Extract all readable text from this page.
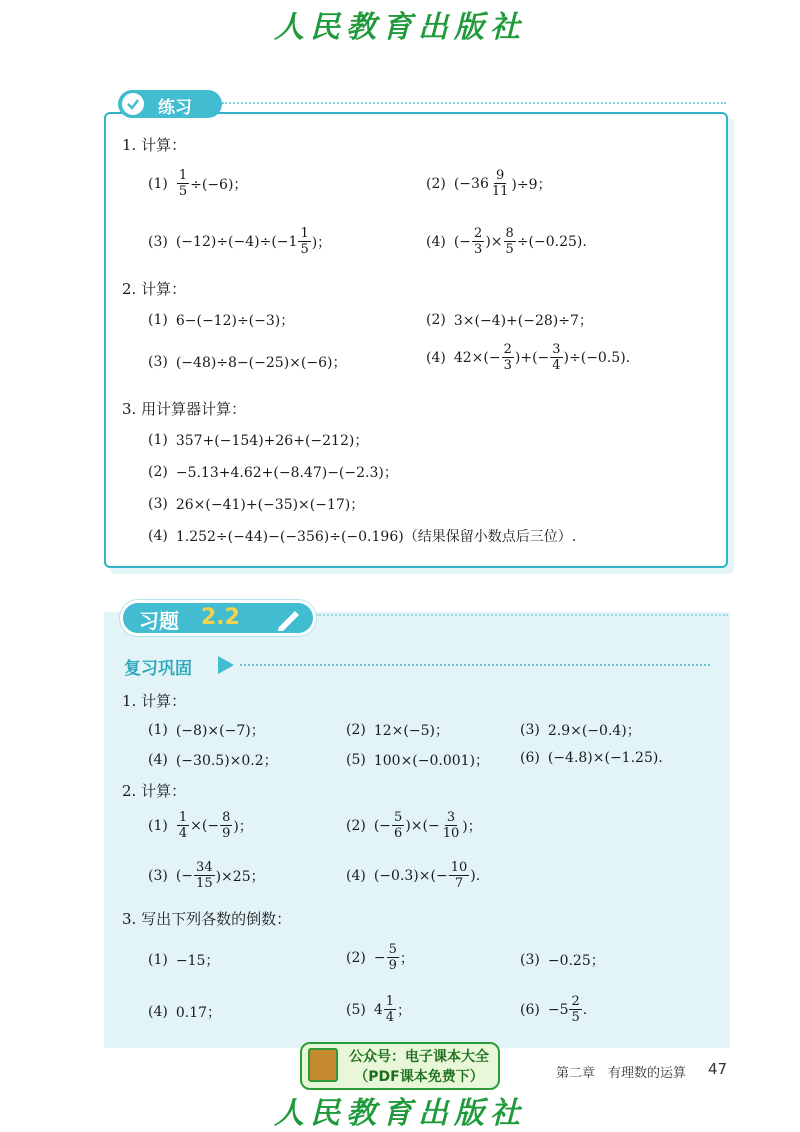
人民教育出版社
练习
1. 计算：
$(1) \frac{1}{5} \div(-6)$；	(2) $(-36 \frac{9}{11} )\div 9$；
(3) $(-12)\div(-4)\div(-1 \frac{1}{5}$ )；	(4) (− $\frac{2}{3}$ )× $\frac{8}{5} \div(-0.25)$.
2. 计算：
(1) 6−(−12)÷(−3)；	(2) 3×(−4)+(−28)÷7；
(3) (−48)÷8−(−25)×(−6)；	(4) $42\times(- \frac{2}{3}$ )+(− $\frac{3}{4} )\div(-0.5)$.
3. 用计算器计算：
(1) 357+(−154)+26+(−212)；
(2) −5.13+4.62+(−8.47)−(−2.3)；
(3) 26×(−41)+(−35)×(−17)；
(4) 1.252÷(−44)−(−356)÷(−0.196)（结果保留小数点后三位）.
习题 2.2
复习巩固
1. 计算：
(1) (−8)×(−7)；	(2) 12×(−5)；	(3) 2.9×(−0.4)；
(4) (−30.5)×0.2；	(5) 100×(−0.001)； (6) (−4.8)×(−1.25).
2. 计算：
$(1) \frac{1}{4}$ ×(− $\frac{8}{9}$ )；	(2) (− $\frac{5}{6}$ )×(− $\frac{3}{10}$ )；
(3) (− $\frac{34}{15} )\times 25$；	(4) $(-0.3)\times(- \frac{10}{7}$ ).
3. 写出下列各数的倒数：
(1) −15；	$(2) - \frac{5}{9}$ ；	(3) −0.25；
(4) 0.17；	(5) $4 \frac{1}{4}$ ；	$(6) -5 \frac{2}{5}$ .
公众号：电子课本大全
（PDF课本免费下）	第二章　有理数的运算 47
人民教育出版社
